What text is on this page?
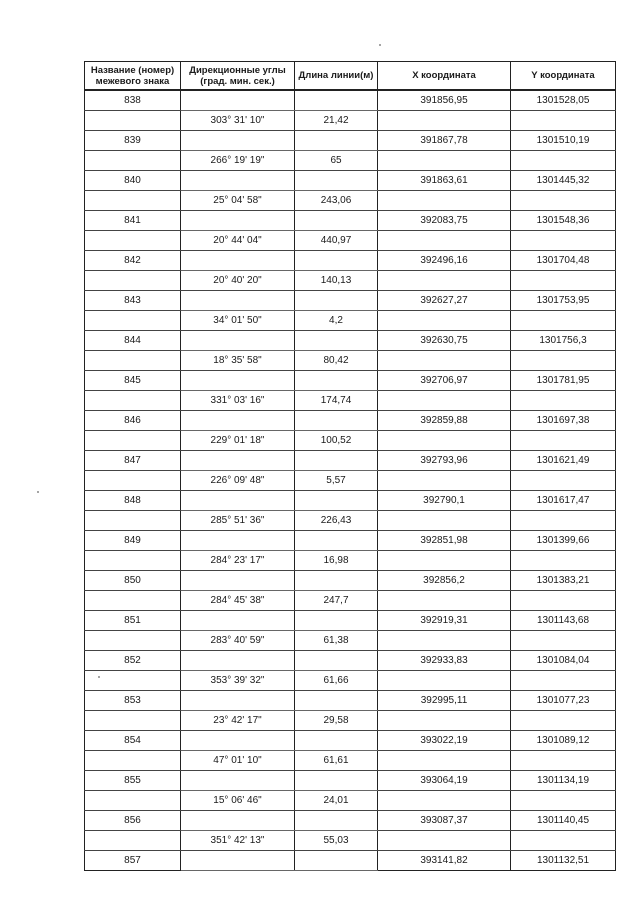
Название (номер) межевого знака	Дирекционные углы (град. мин. сек.)	Длина линии(м)	X координата	Y координата
838			391856,95	1301528,05
	303° 31' 10"	21,42		
839			391867,78	1301510,19
	266° 19' 19"	65		
840			391863,61	1301445,32
	25° 04' 58"	243,06		
841			392083,75	1301548,36
	20° 44' 04"	440,97		
842			392496,16	1301704,48
	20° 40' 20"	140,13		
843			392627,27	1301753,95
	34° 01' 50"	4,2		
844			392630,75	1301756,3
	18° 35' 58"	80,42		
845			392706,97	1301781,95
	331° 03' 16"	174,74		
846			392859,88	1301697,38
	229° 01' 18"	100,52		
847			392793,96	1301621,49
	226° 09' 48"	5,57		
848			392790,1	1301617,47
	285° 51' 36"	226,43		
849			392851,98	1301399,66
	284° 23' 17"	16,98		
850			392856,2	1301383,21
	284° 45' 38"	247,7		
851			392919,31	1301143,68
	283° 40' 59"	61,38		
852			392933,83	1301084,04
	353° 39' 32"	61,66		
853			392995,11	1301077,23
	23° 42' 17"	29,58		
854			393022,19	1301089,12
	47° 01' 10"	61,61		
855			393064,19	1301134,19
	15° 06' 46"	24,01		
856			393087,37	1301140,45
	351° 42' 13"	55,03		
857			393141,82	1301132,51
